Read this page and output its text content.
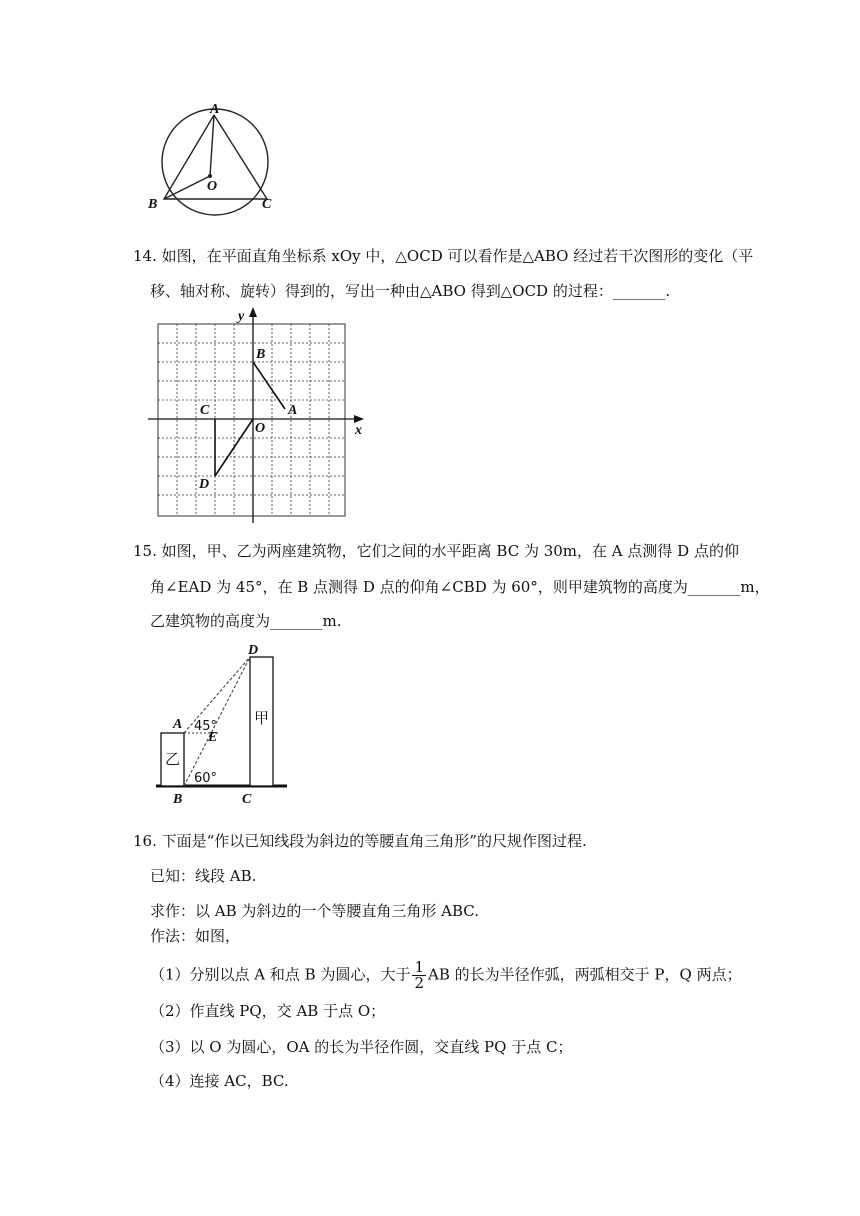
A
B	C
O
14. 如图，在平面直角坐标系 xOy 中，△OCD 可以看作是△ABO 经过若干次图形的变化（平
移、轴对称、旋转）得到的，写出一种由△ABO 得到△OCD 的过程：_______.
y
x
B
A
C
O
D
15. 如图，甲、乙为两座建筑物，它们之间的水平距离 BC 为 30m，在 A 点测得 D 点的仰
角∠EAD 为 45°，在 B 点测得 D 点的仰角∠CBD 为 60°，则甲建筑物的高度为_______m，
乙建筑物的高度为_______m.
D
A 45°
E
60°
B	C
甲
乙
16. 下面是“作以已知线段为斜边的等腰直角三角形”的尺规作图过程.
已知：线段 AB.
求作：以 AB 为斜边的一个等腰直角三角形 ABC.
作法：如图，
（1）分别以点 A 和点 B 为圆心，大于 $\frac{1}{2}$ AB 的长为半径作弧，两弧相交于 P，Q 两点；
（2）作直线 PQ，交 AB 于点 O；
（3）以 O 为圆心，OA 的长为半径作圆，交直线 PQ 于点 C；
（4）连接 AC，BC.
